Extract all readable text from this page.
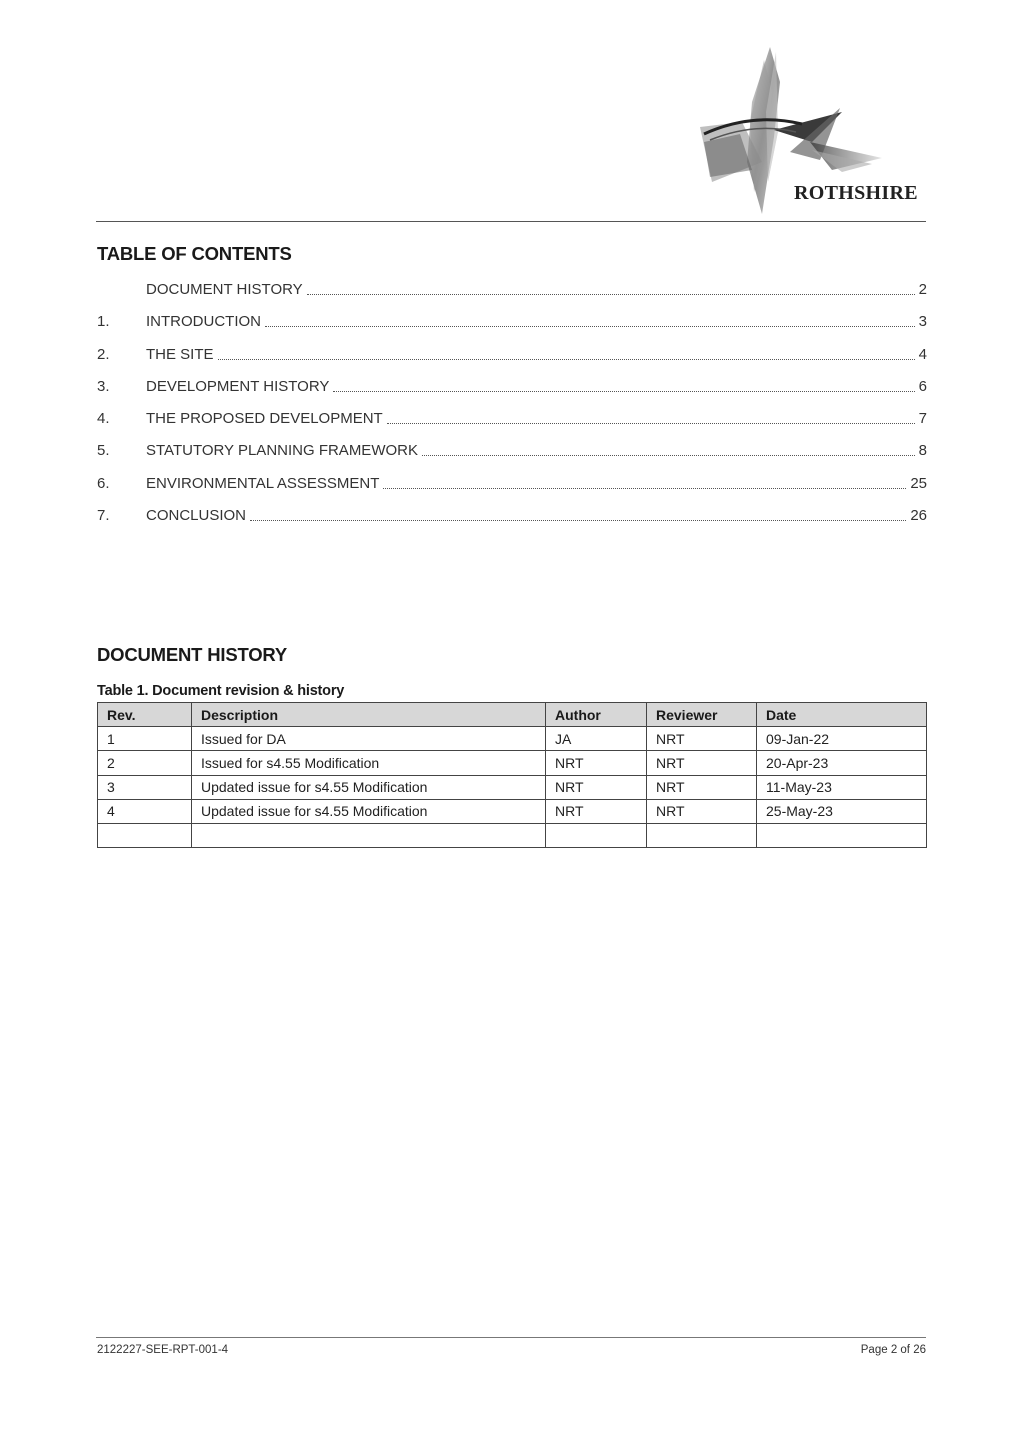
ROTHSHIRE
TABLE OF CONTENTS
DOCUMENT HISTORY	2
1.	INTRODUCTION	3
2.	THE SITE	4
3.	DEVELOPMENT HISTORY	6
4.	THE PROPOSED DEVELOPMENT	7
5.	STATUTORY PLANNING FRAMEWORK	8
6.	ENVIRONMENTAL ASSESSMENT	25
7.	CONCLUSION	26
DOCUMENT HISTORY
Table 1. Document revision & history
Rev.	Description	Author	Reviewer	Date
1	Issued for DA	JA	NRT	09-Jan-22
2	Issued for s4.55 Modification	NRT	NRT	20-Apr-23
3	Updated issue for s4.55 Modification	NRT	NRT	11-May-23
4	Updated issue for s4.55 Modification	NRT	NRT	25-May-23

2122227-SEE-RPT-001-4	Page 2 of 26
